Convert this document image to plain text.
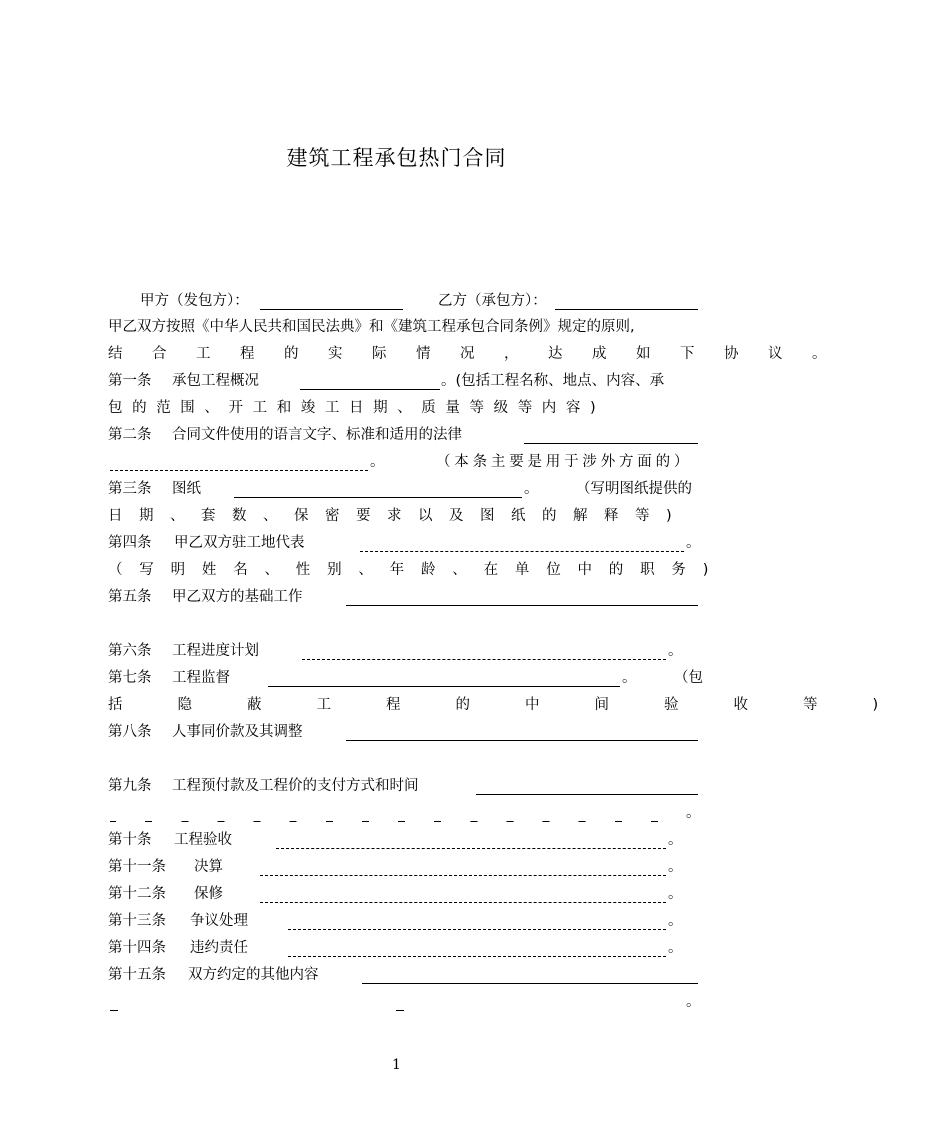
建筑工程承包热门合同
甲方（发包方）：	乙方（承包方）：
甲乙双方按照《中华人民共和国民法典》和《建筑工程承包合同条例》规定的原则,
结合工程的实际情况，达成如下协议。
第一条 承包工程概况	。(包括工程名称、地点、内容、承
包的范围、开工和竣工日期、质量等级等内容)
第二条 合同文件使用的语言文字、标准和适用的法律
。	（本条主要是用于涉外方面的）
第三条 图纸	。	（写明图纸提供的
日期、套数、保密要求以及图纸的解释等)
第四条 甲乙双方驻工地代表	。
（写明姓名、性别、年龄、在单位中的职务)
第五条 甲乙双方的基础工作
第六条 工程进度计划	。
第七条 工程监督	。	（包
括隐蔽工程的中间验收等)
第八条 人事同价款及其调整
第九条 工程预付款及工程价的支付方式和时间
。
第十条 工程验收	。
第十一条 决算	。
第十二条 保修	。
第十三条 争议处理	。
第十四条 违约责任	。
第十五条 双方约定的其他内容
。
1
